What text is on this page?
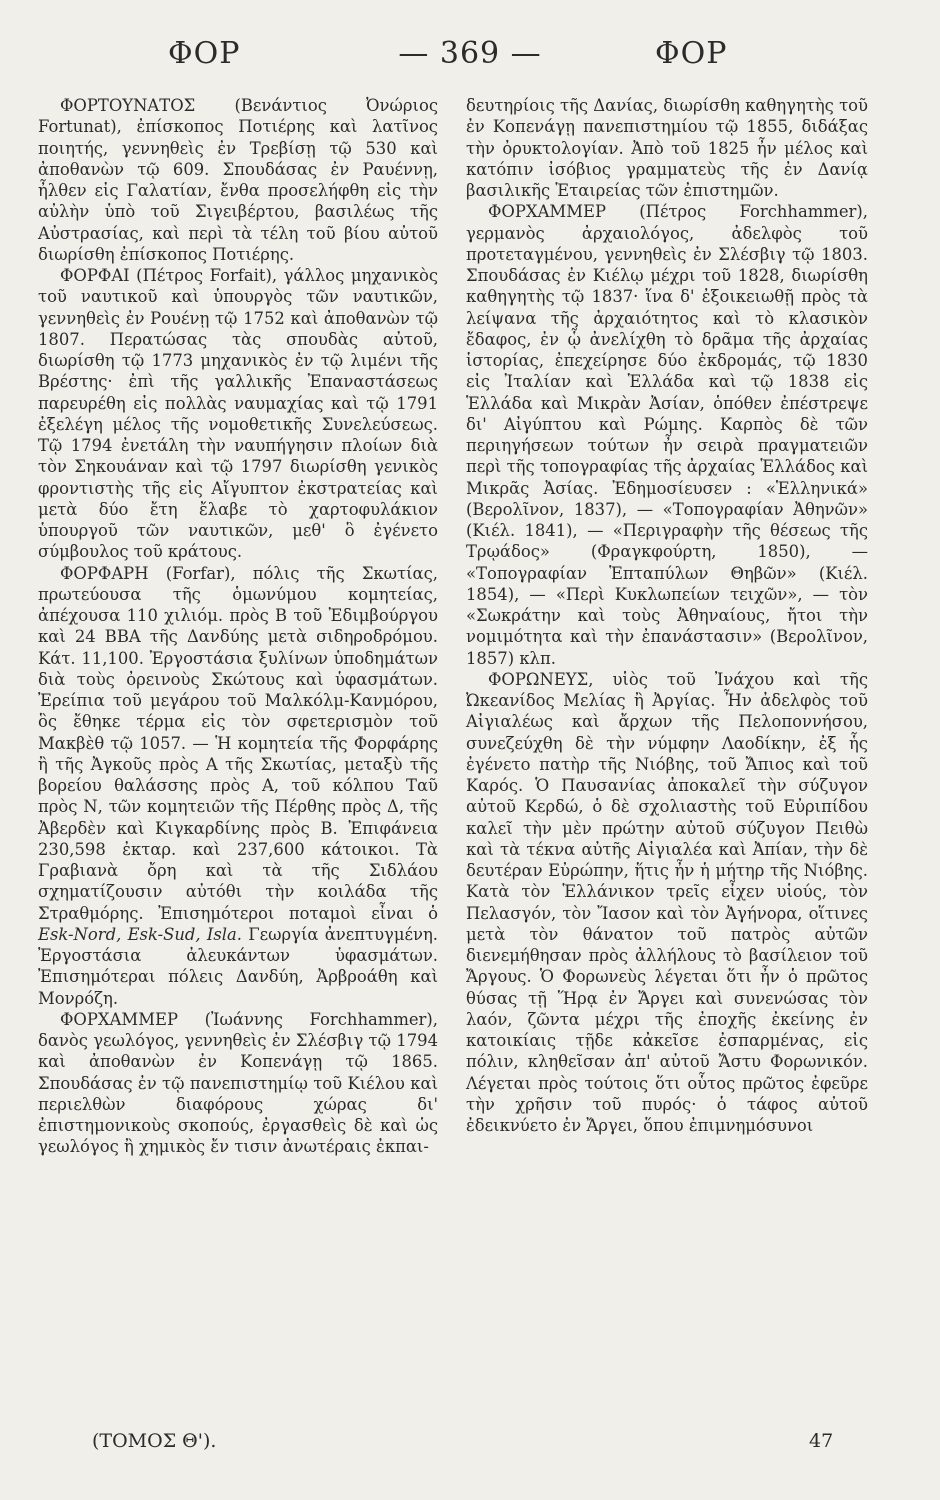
ΦΟΡ	— 369 —	ΦΟΡ

ΦΟΡΤΟΥΝΑΤΟΣ (Βενάντιος Ὀνώριος Fortunat), ἐπίσκοπος Ποτιέρης καὶ λατῖνος ποιητής, γεννηθεὶς ἐν Τρεβίσῃ τῷ 530 καὶ ἀποθανὼν τῷ 609. Σπουδάσας ἐν Ραυέννῃ, ἦλθεν εἰς Γαλατίαν, ἔνθα προσελήφθη εἰς τὴν αὐλὴν ὑπὸ τοῦ Σιγειβέρτου, βασιλέως τῆς Αὐστρασίας, καὶ περὶ τὰ τέλη τοῦ βίου αὐτοῦ διωρίσθη ἐπίσκοπος Ποτιέρης.

ΦΟΡΦΑΙ (Πέτρος Forfait), γάλλος μηχανικὸς τοῦ ναυτικοῦ καὶ ὑπουργὸς τῶν ναυτικῶν, γεννηθεὶς ἐν Ρουένῃ τῷ 1752 καὶ ἀποθανὼν τῷ 1807. Περατώσας τὰς σπουδὰς αὐτοῦ, διωρίσθη τῷ 1773 μηχανικὸς ἐν τῷ λιμένι τῆς Βρέστης· ἐπὶ τῆς γαλλικῆς Ἐπαναστάσεως παρευρέθη εἰς πολλὰς ναυμαχίας καὶ τῷ 1791 ἐξελέγη μέλος τῆς νομοθετικῆς Συνελεύσεως. Τῷ 1794 ἐνετάλη τὴν ναυπήγησιν πλοίων διὰ τὸν Σηκουάναν καὶ τῷ 1797 διωρίσθη γενικὸς φροντιστὴς τῆς εἰς Αἴγυπτον ἐκστρατείας καὶ μετὰ δύο ἔτη ἔλαβε τὸ χαρτοφυλάκιον ὑπουργοῦ τῶν ναυτικῶν, μεθ' ὃ ἐγένετο σύμβουλος τοῦ κράτους.

ΦΟΡΦΑΡΗ (Forfar), πόλις τῆς Σκωτίας, πρωτεύουσα τῆς ὁμωνύμου κομητείας, ἀπέχουσα 110 χιλιόμ. πρὸς Β τοῦ Ἐδιμβούργου καὶ 24 ΒΒΑ τῆς Δανδύης μετὰ σιδηροδρόμου. Κάτ. 11,100. Ἐργοστάσια ξυλίνων ὑποδημάτων διὰ τοὺς ὀρεινοὺς Σκώτους καὶ ὑφασμάτων. Ἐρείπια τοῦ μεγάρου τοῦ Μαλκόλμ-Κανμόρου, ὃς ἔθηκε τέρμα εἰς τὸν σφετερισμὸν τοῦ Μακβὲθ τῷ 1057. — Ἡ κομητεία τῆς Φορφάρης ἢ τῆς Ἀγκοῦς πρὸς Α τῆς Σκωτίας, μεταξὺ τῆς βορείου θαλάσσης πρὸς Α, τοῦ κόλπου Ταῦ πρὸς Ν, τῶν κομητειῶν τῆς Πέρθης πρὸς Δ, τῆς Ἀβερδὲν καὶ Κιγκαρδίνης πρὸς Β. Ἐπιφάνεια 230,598 ἐκταρ. καὶ 237,600 κάτοικοι. Τὰ Γραβιανὰ ὄρη καὶ τὰ τῆς Σιδλάου σχηματίζουσιν αὐτόθι τὴν κοιλάδα τῆς Στραθμόρης. Ἐπισημότεροι ποταμοὶ εἶναι ὁ Esk-Nord, Esk-Sud, Isla. Γεωργία ἀνεπτυγμένη. Ἐργοστάσια ἀλευκάντων ὑφασμάτων. Ἐπισημότεραι πόλεις Δανδύη, Ἀρβροάθη καὶ Μονρόζη.

ΦΟΡΧΑΜΜΕΡ (Ἰωάννης Forchhammer), δανὸς γεωλόγος, γεννηθεὶς ἐν Σλέσβιγ τῷ 1794 καὶ ἀποθανὼν ἐν Κοπενάγῃ τῷ 1865. Σπουδάσας ἐν τῷ πανεπιστημίῳ τοῦ Κιέλου καὶ περιελθὼν διαφόρους χώρας δι' ἐπιστημονικοὺς σκοπούς, ἐργασθεὶς δὲ καὶ ὡς γεωλόγος ἢ χημικὸς ἔν τισιν ἀνωτέραις ἐκπαι-

δευτηρίοις τῆς Δανίας, διωρίσθη καθηγητὴς τοῦ ἐν Κοπενάγῃ πανεπιστημίου τῷ 1855, διδάξας τὴν ὀρυκτολογίαν. Ἀπὸ τοῦ 1825 ἦν μέλος καὶ κατόπιν ἰσόβιος γραμματεὺς τῆς ἐν Δανίᾳ βασιλικῆς Ἑταιρείας τῶν ἐπιστημῶν.

ΦΟΡΧΑΜΜΕΡ (Πέτρος Forchhammer), γερμανὸς ἀρχαιολόγος, ἀδελφὸς τοῦ προτεταγμένου, γεννηθεὶς ἐν Σλέσβιγ τῷ 1803. Σπουδάσας ἐν Κιέλῳ μέχρι τοῦ 1828, διωρίσθη καθηγητὴς τῷ 1837· ἵνα δ' ἐξοικειωθῇ πρὸς τὰ λείψανα τῆς ἀρχαιότητος καὶ τὸ κλασικὸν ἔδαφος, ἐν ᾧ ἀνελίχθη τὸ δρᾶμα τῆς ἀρχαίας ἱστορίας, ἐπεχείρησε δύο ἐκδρομάς, τῷ 1830 εἰς Ἰταλίαν καὶ Ἑλλάδα καὶ τῷ 1838 εἰς Ἑλλάδα καὶ Μικρὰν Ἀσίαν, ὁπόθεν ἐπέστρεψε δι' Αἰγύπτου καὶ Ρώμης. Καρπὸς δὲ τῶν περιηγήσεων τούτων ἦν σειρὰ πραγματειῶν περὶ τῆς τοπογραφίας τῆς ἀρχαίας Ἑλλάδος καὶ Μικρᾶς Ἀσίας. Ἐδημοσίευσεν : «Ἑλληνικά» (Βερολῖνον, 1837), — «Τοπογραφίαν Ἀθηνῶν» (Κιέλ. 1841), — «Περιγραφὴν τῆς θέσεως τῆς Τρῳάδος» (Φραγκφούρτη, 1850), — «Τοπογραφίαν Ἑπταπύλων Θηβῶν» (Κιέλ. 1854), — «Περὶ Κυκλωπείων τειχῶν», — τὸν «Σωκράτην καὶ τοὺς Ἀθηναίους, ἤτοι τὴν νομιμότητα καὶ τὴν ἐπανάστασιν» (Βερολῖνον, 1857) κλπ.

ΦΟΡΩΝΕΥΣ, υἱὸς τοῦ Ἰνάχου καὶ τῆς Ὠκεανίδος Μελίας ἢ Ἀργίας. Ἦν ἀδελφὸς τοῦ Αἰγιαλέως καὶ ἄρχων τῆς Πελοποννήσου, συνεζεύχθη δὲ τὴν νύμφην Λαοδίκην, ἐξ ἧς ἐγένετο πατὴρ τῆς Νιόβης, τοῦ Ἄπιος καὶ τοῦ Καρός. Ὁ Παυσανίας ἀποκαλεῖ τὴν σύζυγον αὐτοῦ Κερδώ, ὁ δὲ σχολιαστὴς τοῦ Εὐριπίδου καλεῖ τὴν μὲν πρώτην αὐτοῦ σύζυγον Πειθὼ καὶ τὰ τέκνα αὐτῆς Αἰγιαλέα καὶ Ἀπίαν, τὴν δὲ δευτέραν Εὐρώπην, ἥτις ἦν ἡ μήτηρ τῆς Νιόβης. Κατὰ τὸν Ἑλλάνικον τρεῖς εἶχεν υἱούς, τὸν Πελασγόν, τὸν Ἴασον καὶ τὸν Ἀγήνορα, οἵτινες μετὰ τὸν θάνατον τοῦ πατρὸς αὐτῶν διενεμήθησαν πρὸς ἀλλήλους τὸ βασίλειον τοῦ Ἄργους. Ὁ Φορωνεὺς λέγεται ὅτι ἦν ὁ πρῶτος θύσας τῇ Ἥρᾳ ἐν Ἄργει καὶ συνενώσας τὸν λαόν, ζῶντα μέχρι τῆς ἐποχῆς ἐκείνης ἐν κατοικίαις τῇδε κἀκεῖσε ἐσπαρμένας, εἰς πόλιν, κληθεῖσαν ἀπ' αὐτοῦ Ἄστυ Φορωνικόν. Λέγεται πρὸς τούτοις ὅτι οὗτος πρῶτος ἐφεῦρε τὴν χρῆσιν τοῦ πυρός· ὁ τάφος αὐτοῦ ἐδεικνύετο ἐν Ἄργει, ὅπου ἐπιμνημόσυνοι

(ΤΟΜΟΣ Θ').	47
